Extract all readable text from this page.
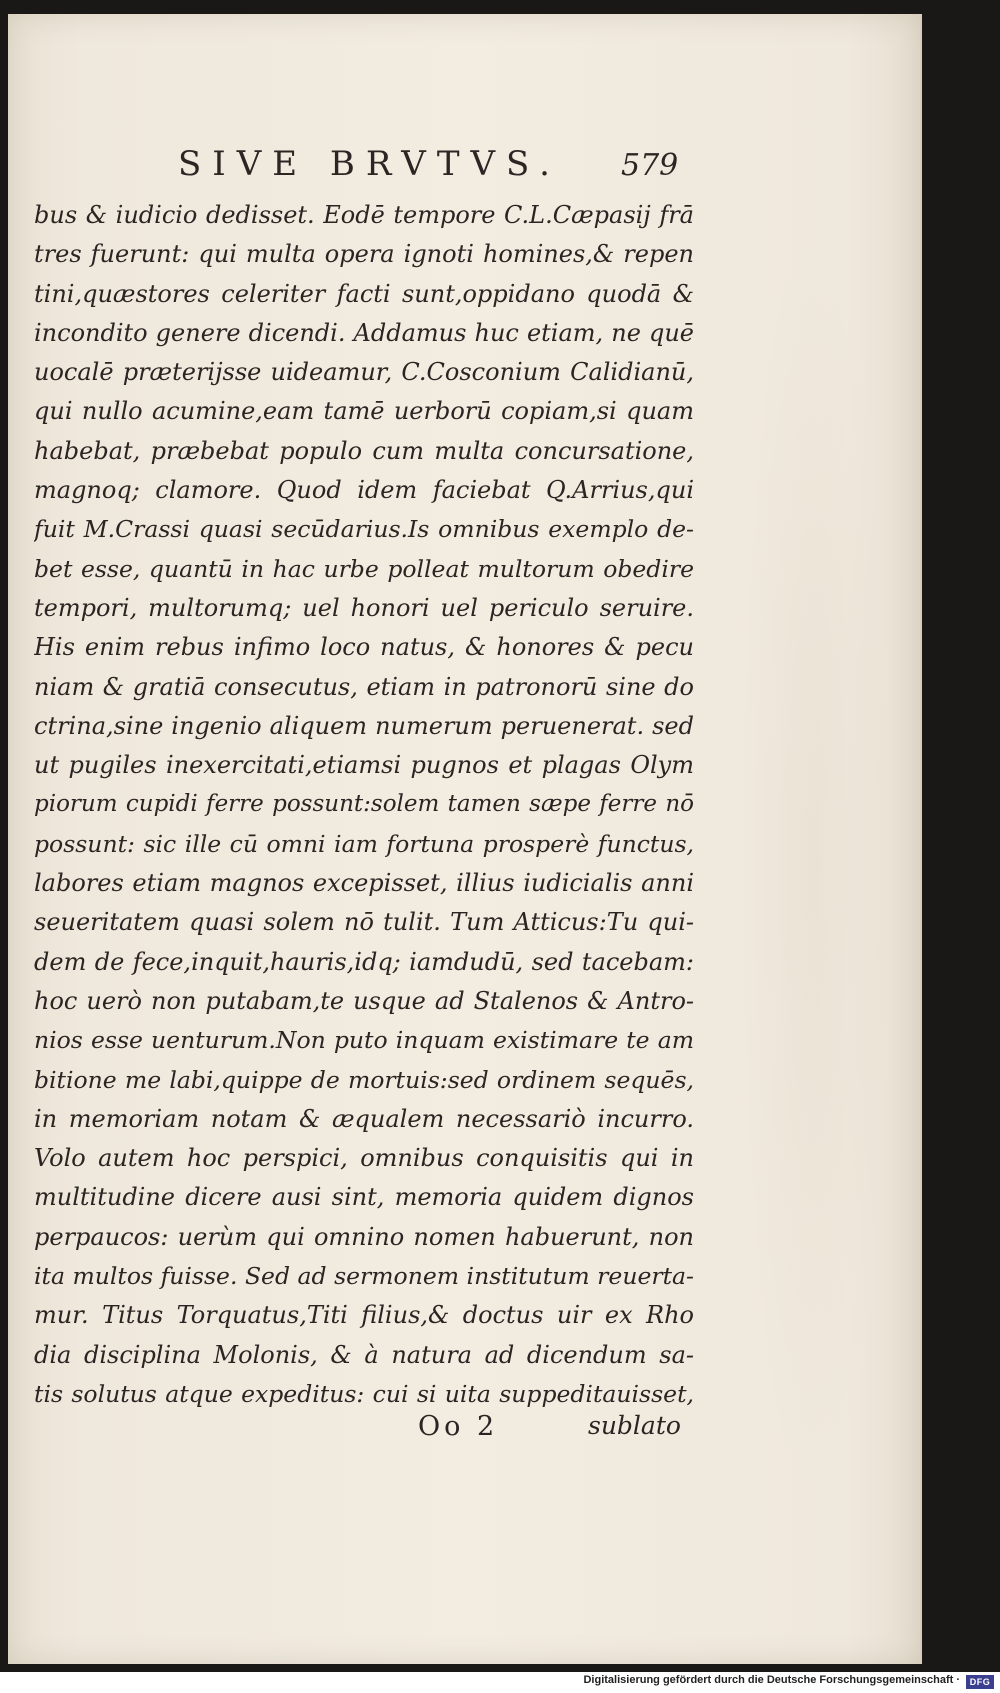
SIVE BRVTVS. 579
bus & iudicio dedisset. Eodē tempore C.L.Cæpasij frā
tres fuerunt: qui multa opera ignoti homines,& repen
tini,quæstores celeriter facti sunt,oppidano quodā &
incondito genere dicendi. Addamus huc etiam, ne quē
uocalē præterijsse uideamur, C.Cosconium Calidianū,
qui nullo acumine,eam tamē uerborū copiam,si quam
habebat, præbebat populo cum multa concursatione,
magnoq; clamore. Quod idem faciebat Q.Arrius,qui
fuit M.Crassi quasi secūdarius.Is omnibus exemplo de-
bet esse, quantū in hac urbe polleat multorum obedire
tempori, multorumq; uel honori uel periculo seruire.
His enim rebus infimo loco natus, & honores & pecu
niam & gratiā consecutus, etiam in patronorū sine do
ctrina,sine ingenio aliquem numerum peruenerat. sed
ut pugiles inexercitati,etiamsi pugnos et plagas Olym
piorum cupidi ferre possunt:solem tamen sæpe ferre nō
possunt: sic ille cū omni iam fortuna prosperè functus,
labores etiam magnos excepisset, illius iudicialis anni
seueritatem quasi solem nō tulit. Tum Atticus:Tu qui-
dem de fece,inquit,hauris,idq; iamdudū, sed tacebam:
hoc uerò non putabam,te usque ad Stalenos & Antro-
nios esse uenturum.Non puto inquam existimare te am
bitione me labi,quippe de mortuis:sed ordinem sequēs,
in memoriam notam & æqualem necessariò incurro.
Volo autem hoc perspici, omnibus conquisitis qui in
multitudine dicere ausi sint, memoria quidem dignos
perpaucos: uerùm qui omnino nomen habuerunt, non
ita multos fuisse. Sed ad sermonem institutum reuerta-
mur. Titus Torquatus,Titi filius,& doctus uir ex Rho
dia disciplina Molonis, & à natura ad dicendum sa-
tis solutus atque expeditus: cui si uita suppeditauisset,
Oo 2	sublato
Digitalisierung gefördert durch die Deutsche Forschungsgemeinschaft ·	DFG
